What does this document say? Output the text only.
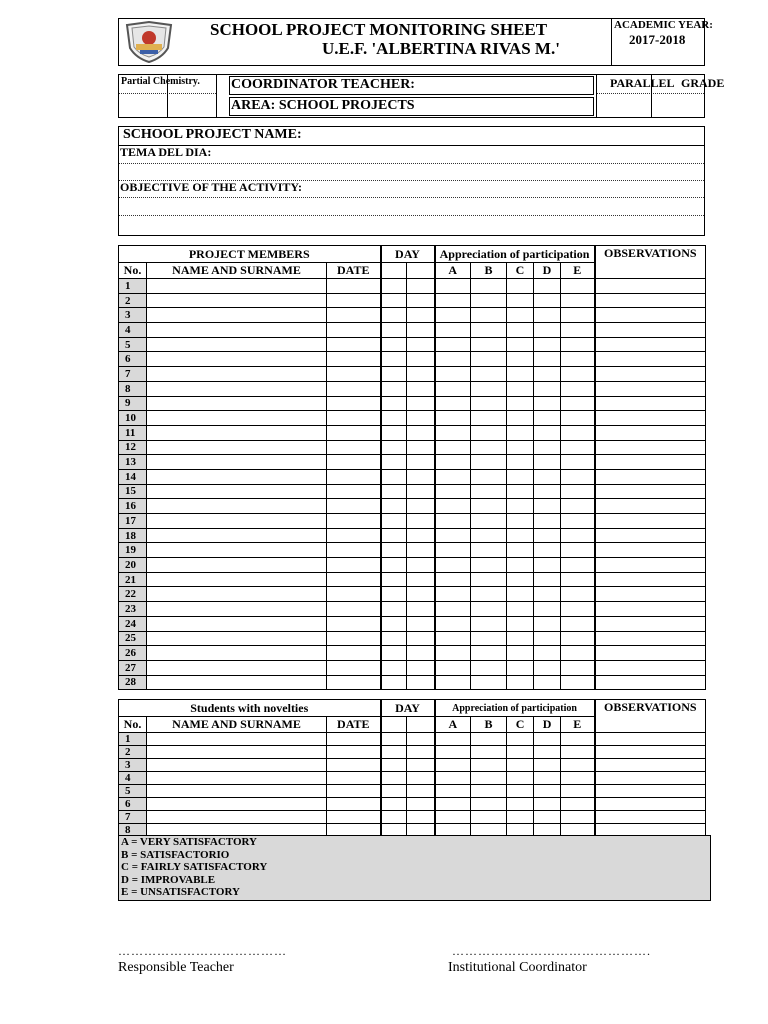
SCHOOL PROJECT MONITORING SHEET
U.E.F. 'ALBERTINA RIVAS M.'
ACADEMIC YEAR:
2017-2018
Partial Chemistry. COORDINATOR TEACHER:
AREA: SCHOOL PROJECTS
PARALLEL GRADE
SCHOOL PROJECT NAME:
TEMA DEL DIA:
OBJECTIVE OF THE ACTIVITY:
PROJECT MEMBERS			DAY		Appreciation of participation					OBSERVATIONS
No.	NAME AND SURNAME	DATE			A	B	C	D	E	
1										
2										
3										
4										
5										
6										
7										
8										
9										
10										
11										
12										
13										
14										
15										
16										
17										
18										
19										
20										
21										
22										
23										
24										
25										
26										
27										
28										
Students with novelties			DAY		Appreciation of participation					OBSERVATIONS
No.	NAME AND SURNAME	DATE			A	B	C	D	E	
1										
2										
3										
4										
5										
6										
7										
8										
A = VERY SATISFACTORY
B = SATISFACTORIO
C = FAIRLY SATISFACTORY
D = IMPROVABLE
E = UNSATISFACTORY
…………………………………
Responsible Teacher
……………………………………….
Institutional Coordinator
